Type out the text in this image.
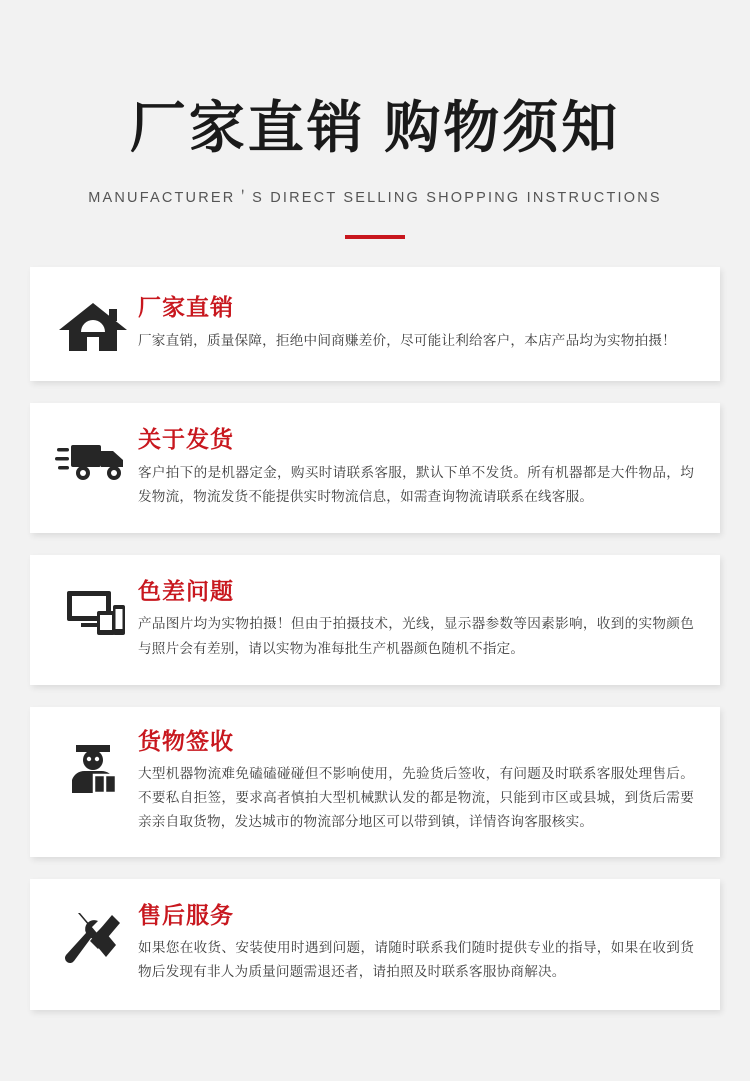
厂家直销 购物须知
MANUFACTURER＇S DIRECT SELLING SHOPPING INSTRUCTIONS
厂家直销

厂家直销，质量保障，拒绝中间商赚差价，尽可能让利给客户，本店产品均为实物拍摄！

关于发货

客户拍下的是机器定金，购买时请联系客服，默认下单不发货。所有机器都是大件物品，均发物流，物流发货不能提供实时物流信息，如需查询物流请联系在线客服。

色差问题

产品图片均为实物拍摄！但由于拍摄技术，光线，显示器参数等因素影响，收到的实物颜色与照片会有差别，请以实物为准每批生产机器颜色随机不指定。

货物签收

大型机器物流难免磕磕碰碰但不影响使用，先验货后签收，有问题及时联系客服处理售后。不要私自拒签，要求高者慎拍大型机械默认发的都是物流，只能到市区或县城，到货后需要亲亲自取货物，发达城市的物流部分地区可以带到镇，详情咨询客服核实。

售后服务

如果您在收货、安装使用时遇到问题，请随时联系我们随时提供专业的指导，如果在收到货物后发现有非人为质量问题需退还者，请拍照及时联系客服协商解决。
